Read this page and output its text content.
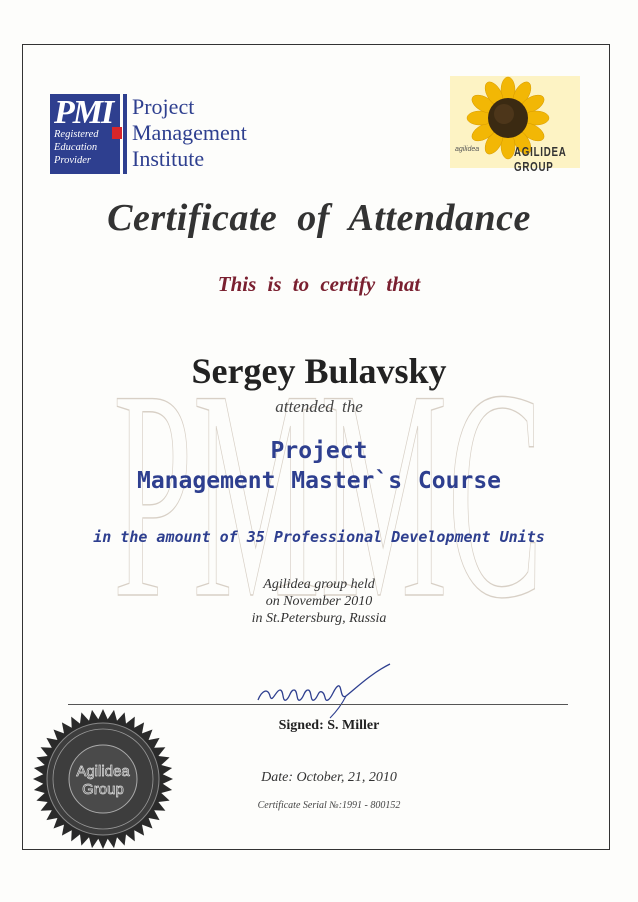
PMI
Registered
Education
Provider
Project
Management
Institute	agilidea	AGILIDEA GROUP
PMMC
Certificate of Attendance
This is to certify that
Sergey Bulavsky
attended the
Project
Management Master`s Course
in the amount of 35 Professional Development Units
Agilidea group held
on November 2010
in St.Petersburg, Russia
Signed: S. Miller
Date: October, 21, 2010
Certificate Serial №:1991 - 800152
Agilidea
Group
